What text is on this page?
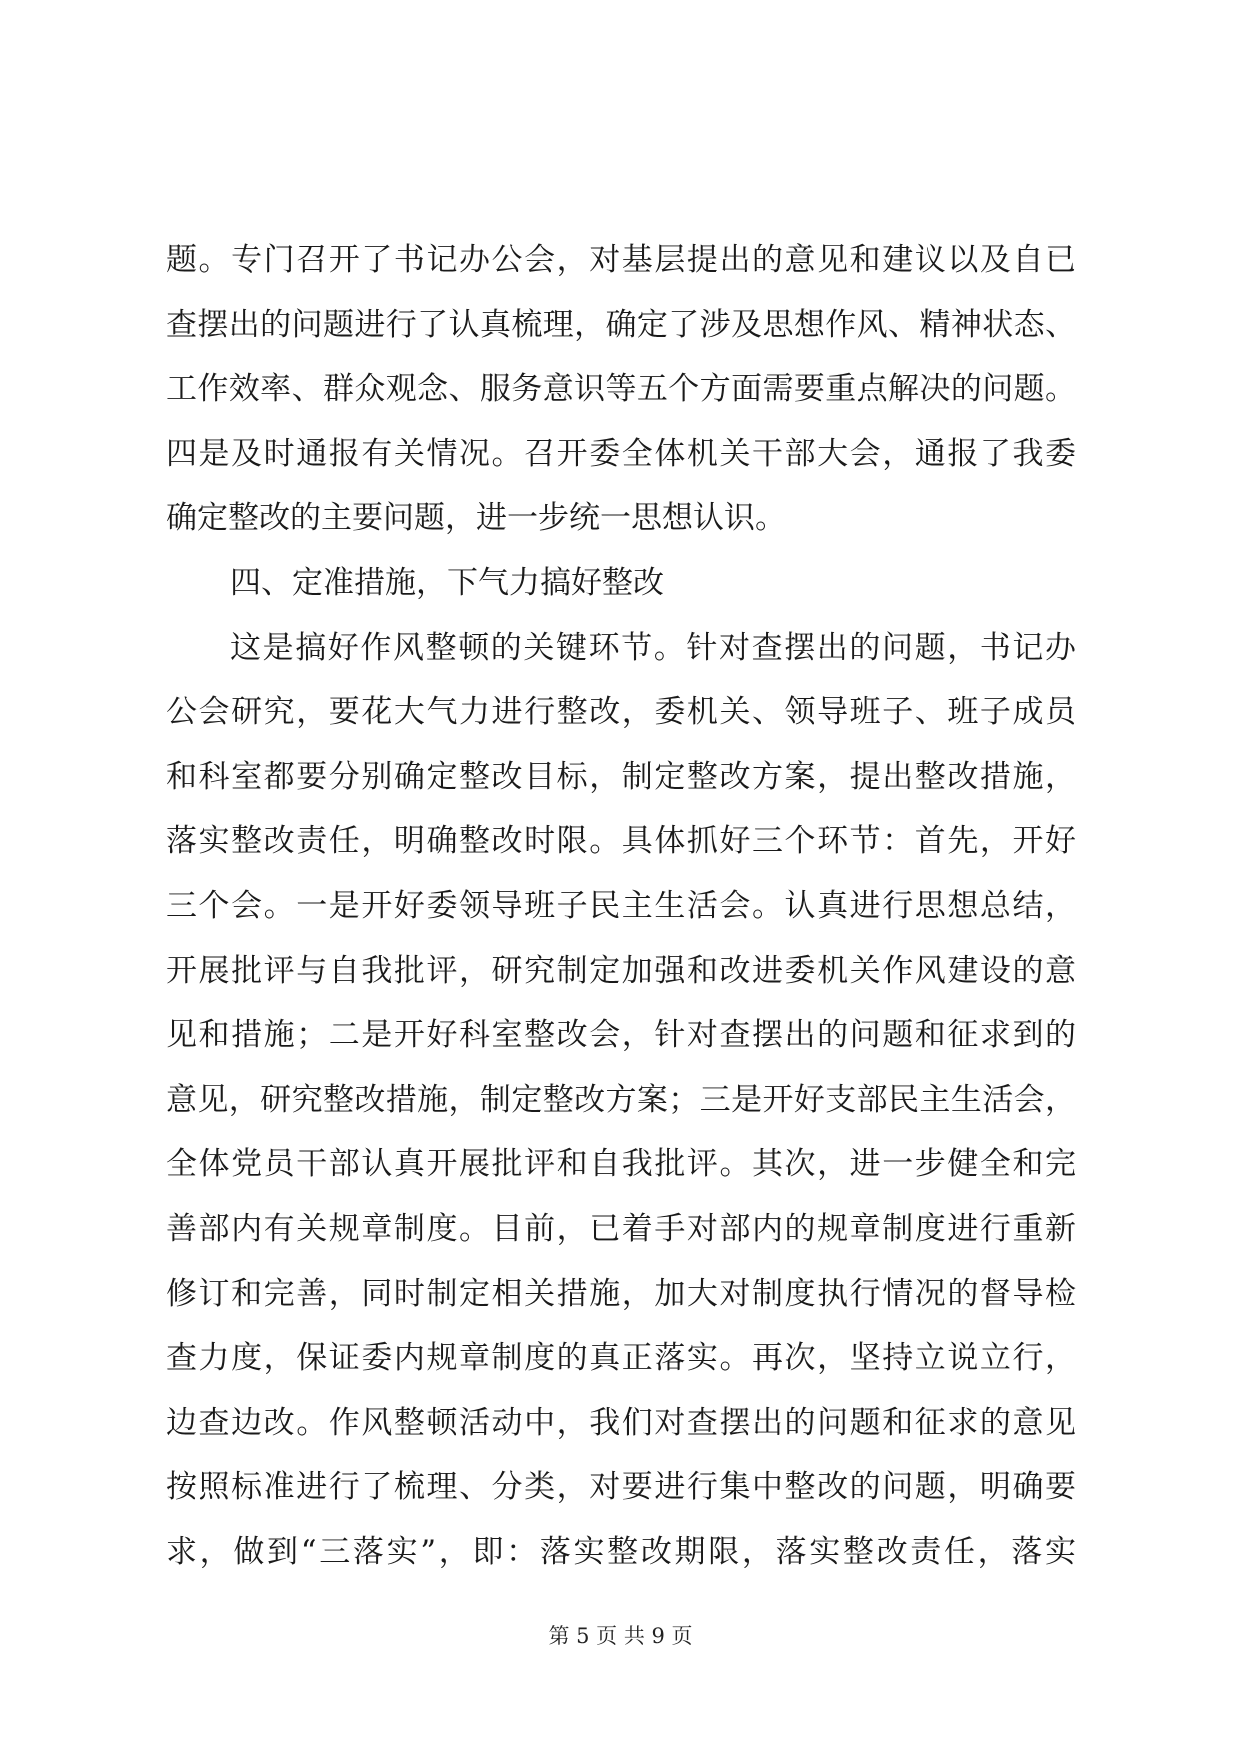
题。专门召开了书记办公会，对基层提出的意见和建议以及自已
查摆出的问题进行了认真梳理，确定了涉及思想作风、精神状态、
工作效率、群众观念、服务意识等五个方面需要重点解决的问题。
四是及时通报有关情况。召开委全体机关干部大会，通报了我委
确定整改的主要问题，进一步统一思想认识。
四、定准措施，下气力搞好整改
这是搞好作风整顿的关键环节。针对查摆出的问题，书记办
公会研究，要花大气力进行整改，委机关、领导班子、班子成员
和科室都要分别确定整改目标，制定整改方案，提出整改措施，
落实整改责任，明确整改时限。具体抓好三个环节：首先，开好
三个会。一是开好委领导班子民主生活会。认真进行思想总结，
开展批评与自我批评，研究制定加强和改进委机关作风建设的意
见和措施；二是开好科室整改会，针对查摆出的问题和征求到的
意见，研究整改措施，制定整改方案；三是开好支部民主生活会，
全体党员干部认真开展批评和自我批评。其次，进一步健全和完
善部内有关规章制度。目前，已着手对部内的规章制度进行重新
修订和完善，同时制定相关措施，加大对制度执行情况的督导检
查力度，保证委内规章制度的真正落实。再次，坚持立说立行，
边查边改。作风整顿活动中，我们对查摆出的问题和征求的意见
按照标准进行了梳理、分类，对要进行集中整改的问题，明确要
求，做到“三落实”，即：落实整改期限，落实整改责任，落实
第 5 页 共 9 页
